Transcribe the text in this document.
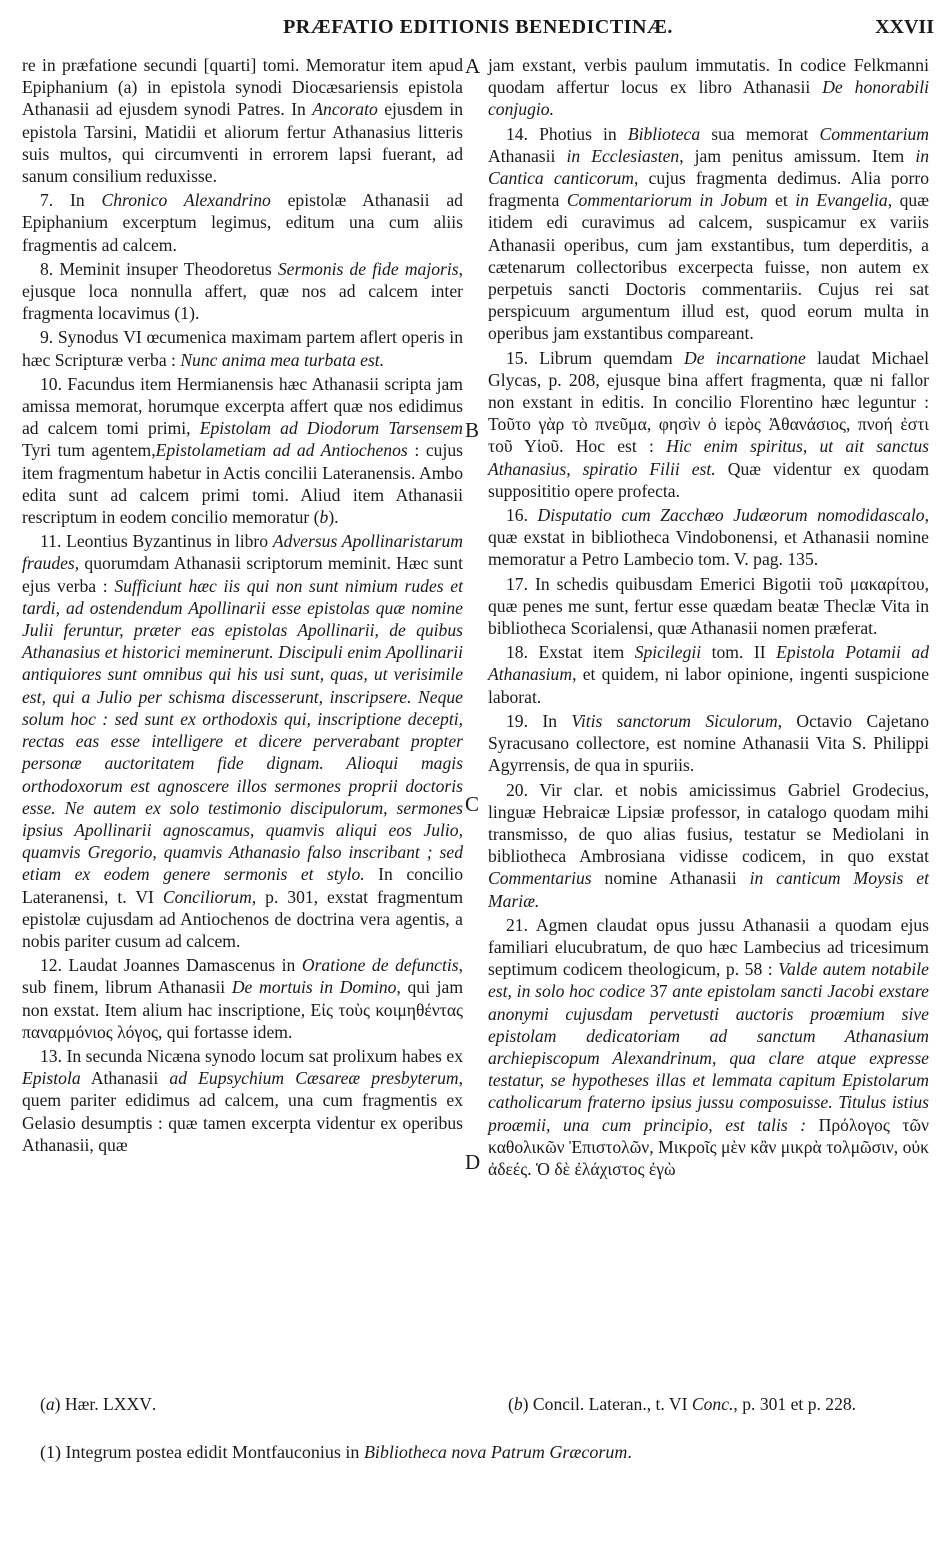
PRÆFATIO EDITIONIS BENEDICTINÆ.	XXVII

re in præfatione secundi [quarti] tomi. Memoratur item apud Epiphanium (a) in epistola synodi Diocæsariensis epistola Athanasii ad ejusdem synodi Patres. In Ancorato ejusdem in epistola Tarsini, Matidii et aliorum fertur Athanasius litteris suis multos, qui circumventi in errorem lapsi fuerant, ad sanum consilium reduxisse.

7. In Chronico Alexandrino epistolæ Athanasii ad Epiphanium excerptum legimus, editum una cum aliis fragmentis ad calcem.

8. Meminit insuper Theodoretus Sermonis de fide majoris, ejusque loca nonnulla affert, quæ nos ad calcem inter fragmenta locavimus (1).

9. Synodus VI œcumenica maximam partem aflert operis in hæc Scripturæ verba : Nunc anima mea turbata est.

10. Facundus item Hermianensis hæc Athanasii scripta jam amissa memorat, horumque excerpta affert quæ nos edidimus ad calcem tomi primi, Epistolam ad Diodorum Tarsensem Tyri tum agentem,Epistolametiam ad ad Antiochenos : cujus item fragmentum habetur in Actis concilii Lateranensis. Ambo edita sunt ad calcem primi tomi. Aliud item Athanasii rescriptum in eodem concilio memoratur (b).

11. Leontius Byzantinus in libro Adversus Apollinaristarum fraudes, quorumdam Athanasii scriptorum meminit. Hæc sunt ejus verba : Sufficiunt hæc iis qui non sunt nimium rudes et tardi, ad ostendendum Apollinarii esse epistolas quæ nomine Julii feruntur, præter eas epistolas Apollinarii, de quibus Athanasius et historici meminerunt. Discipuli enim Apollinarii antiquiores sunt omnibus qui his usi sunt, quas, ut verisimile est, qui a Julio per schisma discesserunt, inscripsere. Neque solum hoc : sed sunt ex orthodoxis qui, inscriptione decepti, rectas eas esse intelligere et dicere perverabant propter personæ auctoritatem fide dignam. Alioqui magis orthodoxorum est agnoscere illos sermones proprii doctoris esse. Ne autem ex solo testimonio discipulorum, sermones ipsius Apollinarii agnoscamus, quamvis aliqui eos Julio, quamvis Gregorio, quamvis Athanasio falso inscribant ; sed etiam ex eodem genere sermonis et stylo. In concilio Lateranensi, t. VI Conciliorum, p. 301, exstat fragmentum epistolæ cujusdam ad Antiochenos de doctrina vera agentis, a nobis pariter cusum ad calcem.

12. Laudat Joannes Damascenus in Oratione de defunctis, sub finem, librum Athanasii De mortuis in Domino, qui jam non exstat. Item alium hac inscriptione, Εἰς τοὺς κοιμηθέντας παναρμόνιος λόγος, qui fortasse idem.

13. In secunda Nicæna synodo locum sat prolixum habes ex Epistola Athanasii ad Eupsychium Cæsareæ presbyterum, quem pariter edidimus ad calcem, una cum fragmentis ex Gelasio desumptis : quæ tamen excerpta videntur ex operibus Athanasii, quæ

A
B
C
D

jam exstant, verbis paulum immutatis. In codice Felkmanni quodam affertur locus ex libro Athanasii De honorabili conjugio.

14. Photius in Biblioteca sua memorat Commentarium Athanasii in Ecclesiasten, jam penitus amissum. Item in Cantica canticorum, cujus fragmenta dedimus. Alia porro fragmenta Commentariorum in Jobum et in Evangelia, quæ itidem edi curavimus ad calcem, suspicamur ex variis Athanasii operibus, cum jam exstantibus, tum deperditis, a cætenarum collectoribus excerpecta fuisse, non autem ex perpetuis sancti Doctoris commentariis. Cujus rei sat perspicuum argumentum illud est, quod eorum multa in operibus jam exstantibus compareant.

15. Librum quemdam De incarnatione laudat Michael Glycas, p. 208, ejusque bina affert fragmenta, quæ ni fallor non exstant in editis. In concilio Florentino hæc leguntur : Τοῦτο γὰρ τὸ πνεῦμα, φησὶν ὁ ἱερὸς Ἀθανάσιος, πνοή ἐστι τοῦ Υἱοῦ. Hoc est : Hic enim spiritus, ut ait sanctus Athanasius, spiratio Filii est. Quæ videntur ex quodam supposititio opere profecta.

16. Disputatio cum Zacchæo Judæorum nomodidascalo, quæ exstat in bibliotheca Vindobonensi, et Athanasii nomine memoratur a Petro Lambecio tom. V. pag. 135.

17. In schedis quibusdam Emerici Bigotii τοῦ μακαρίτου, quæ penes me sunt, fertur esse quædam beatæ Theclæ Vita in bibliotheca Scorialensi, quæ Athanasii nomen præferat.

18. Exstat item Spicilegii tom. II Epistola Potamii ad Athanasium, et quidem, ni labor opinione, ingenti suspicione laborat.

19. In Vitis sanctorum Siculorum, Octavio Cajetano Syracusano collectore, est nomine Athanasii Vita S. Philippi Agyrrensis, de qua in spuriis.

20. Vir clar. et nobis amicissimus Gabriel Grodecius, linguæ Hebraicæ Lipsiæ professor, in catalogo quodam mihi transmisso, de quo alias fusius, testatur se Mediolani in bibliotheca Ambrosiana vidisse codicem, in quo exstat Commentarius nomine Athanasii in canticum Moysis et Mariæ.

21. Agmen claudat opus jussu Athanasii a quodam ejus familiari elucubratum, de quo hæc Lambecius ad tricesimum septimum codicem theologicum, p. 58 : Valde autem notabile est, in solo hoc codice 37 ante epistolam sancti Jacobi exstare anonymi cujusdam pervetusti auctoris proæmium sive epistolam dedicatoriam ad sanctum Athanasium archiepiscopum Alexandrinum, qua clare atque expresse testatur, se hypotheses illas et lemmata capitum Epistolarum catholicarum fraterno ipsius jussu composuisse. Titulus istius proæmii, una cum principio, est talis : Πρόλογος τῶν καθολικῶν Ἐπιστολῶν, Μικροῖς μὲν κἂν μικρὰ τολμῶσιν, οὐκ ἀδεές. Ὁ δὲ ἐλάχιστος ἐγὼ

(a) Hær. LXXV.	(b) Concil. Lateran., t. VI Conc., p. 301 et p. 228.
(1) Integrum postea edidit Montfauconius in Bibliotheca nova Patrum Græcorum.
